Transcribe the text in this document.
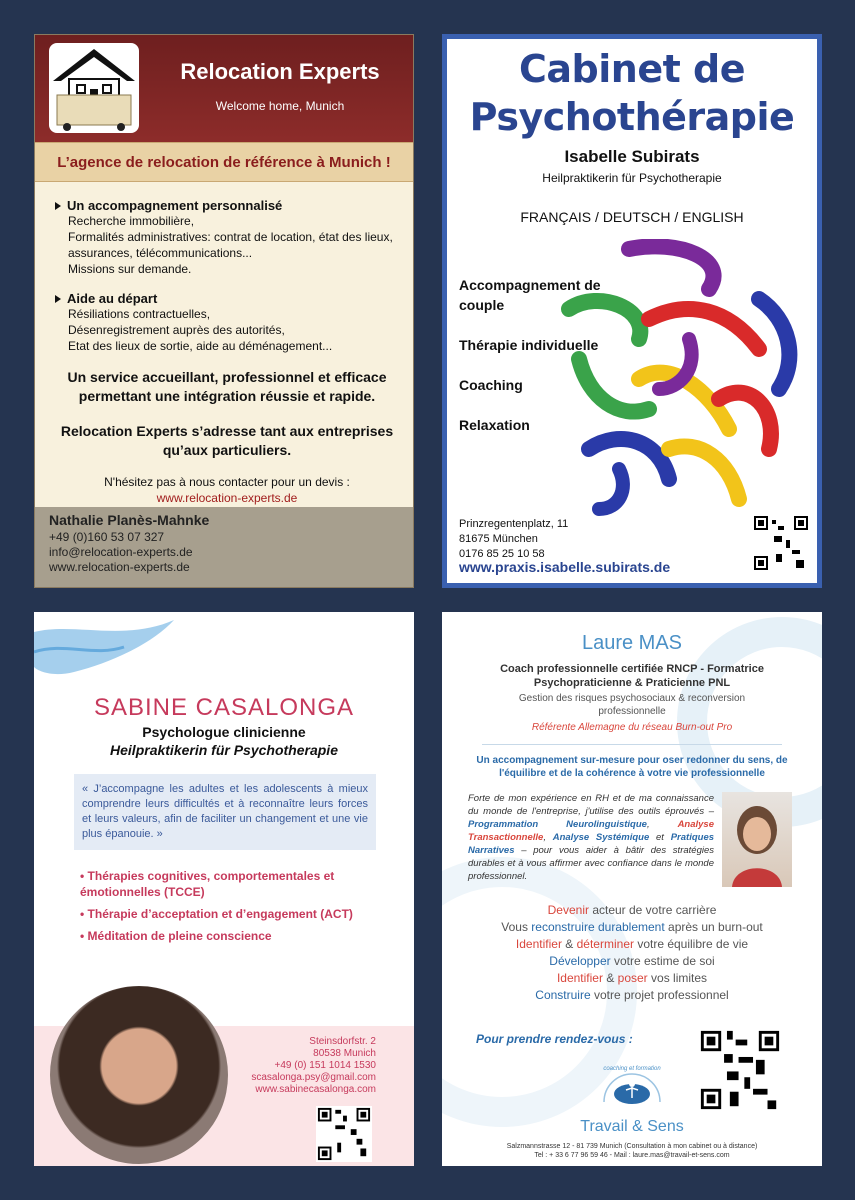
Relocation Experts
Welcome home, Munich
L’agence de relocation de référence à Munich !
Un accompagnement personnalisé
Recherche immobilière,
Formalités administratives: contrat de location, état des lieux,
assurances, télécommunications...
Missions sur demande.
Aide au départ
Résiliations contractuelles,
Désenregistrement auprès des autorités,
Etat des lieux de sortie, aide au déménagement...
Un service accueillant, professionnel et efficace permettant une intégration réussie et rapide.
Relocation Experts s’adresse tant aux entreprises qu’aux particuliers.
N'hésitez pas à nous contacter pour un devis :
www.relocation-experts.de
Nathalie Planès-Mahnke
+49 (0)160 53 07 327
info@relocation-experts.de
www.relocation-experts.de
Cabinet de
Psychothérapie
Isabelle Subirats
Heilpraktikerin für Psychotherapie
FRANÇAIS / DEUTSCH / ENGLISH
Accompagnement de couple
Thérapie individuelle
Coaching
Relaxation
Prinzregentenplatz, 11
81675 München
0176 85 25 10 58
www.praxis.isabelle.subirats.de
SABINE CASALONGA
Psychologue clinicienne
Heilpraktikerin für Psychotherapie
« J’accompagne les adultes et les adolescents à mieux comprendre leurs difficultés et à reconnaître leurs forces et leurs valeurs, afin de faciliter un changement et une vie plus épanouie. »
• Thérapies cognitives, comportementales et émotionnelles (TCCE)
• Thérapie d’acceptation et d’engagement (ACT)
• Méditation de pleine conscience
Steinsdorfstr. 2
80538 Munich
+49 (0) 151 1014 1530
scasalonga.psy@gmail.com
www.sabinecasalonga.com
Laure MAS
Coach professionnelle certifiée RNCP - Formatrice
Psychopraticienne & Praticienne PNL
Gestion des risques psychosociaux & reconversion
professionnelle
Référente Allemagne du réseau Burn-out Pro
Un accompagnement sur-mesure pour oser redonner du sens, de
l'équilibre et de la cohérence à votre vie professionnelle
Forte de mon expérience en RH et de ma connaissance du monde de l'entreprise, j'utilise des outils éprouvés – Programmation Neurolinguistique, Analyse Transactionnelle, Analyse Systémique et Pratiques Narratives – pour vous aider à bâtir des stratégies durables et à vous affirmer avec confiance dans le monde professionnel.
Devenir acteur de votre carrière
Vous reconstruire durablement après un burn-out
Identifier & déterminer votre équilibre de vie
Développer votre estime de soi
Identifier & poser vos limites
Construire votre projet professionnel
Pour prendre rendez-vous :
coaching et formation
Travail & Sens
Salzmannstrasse 12 - 81 739 Munich (Consultation à mon cabinet ou à distance)
Tel : + 33 6 77 96 59 46 - Mail : laure.mas@travail-et-sens.com
